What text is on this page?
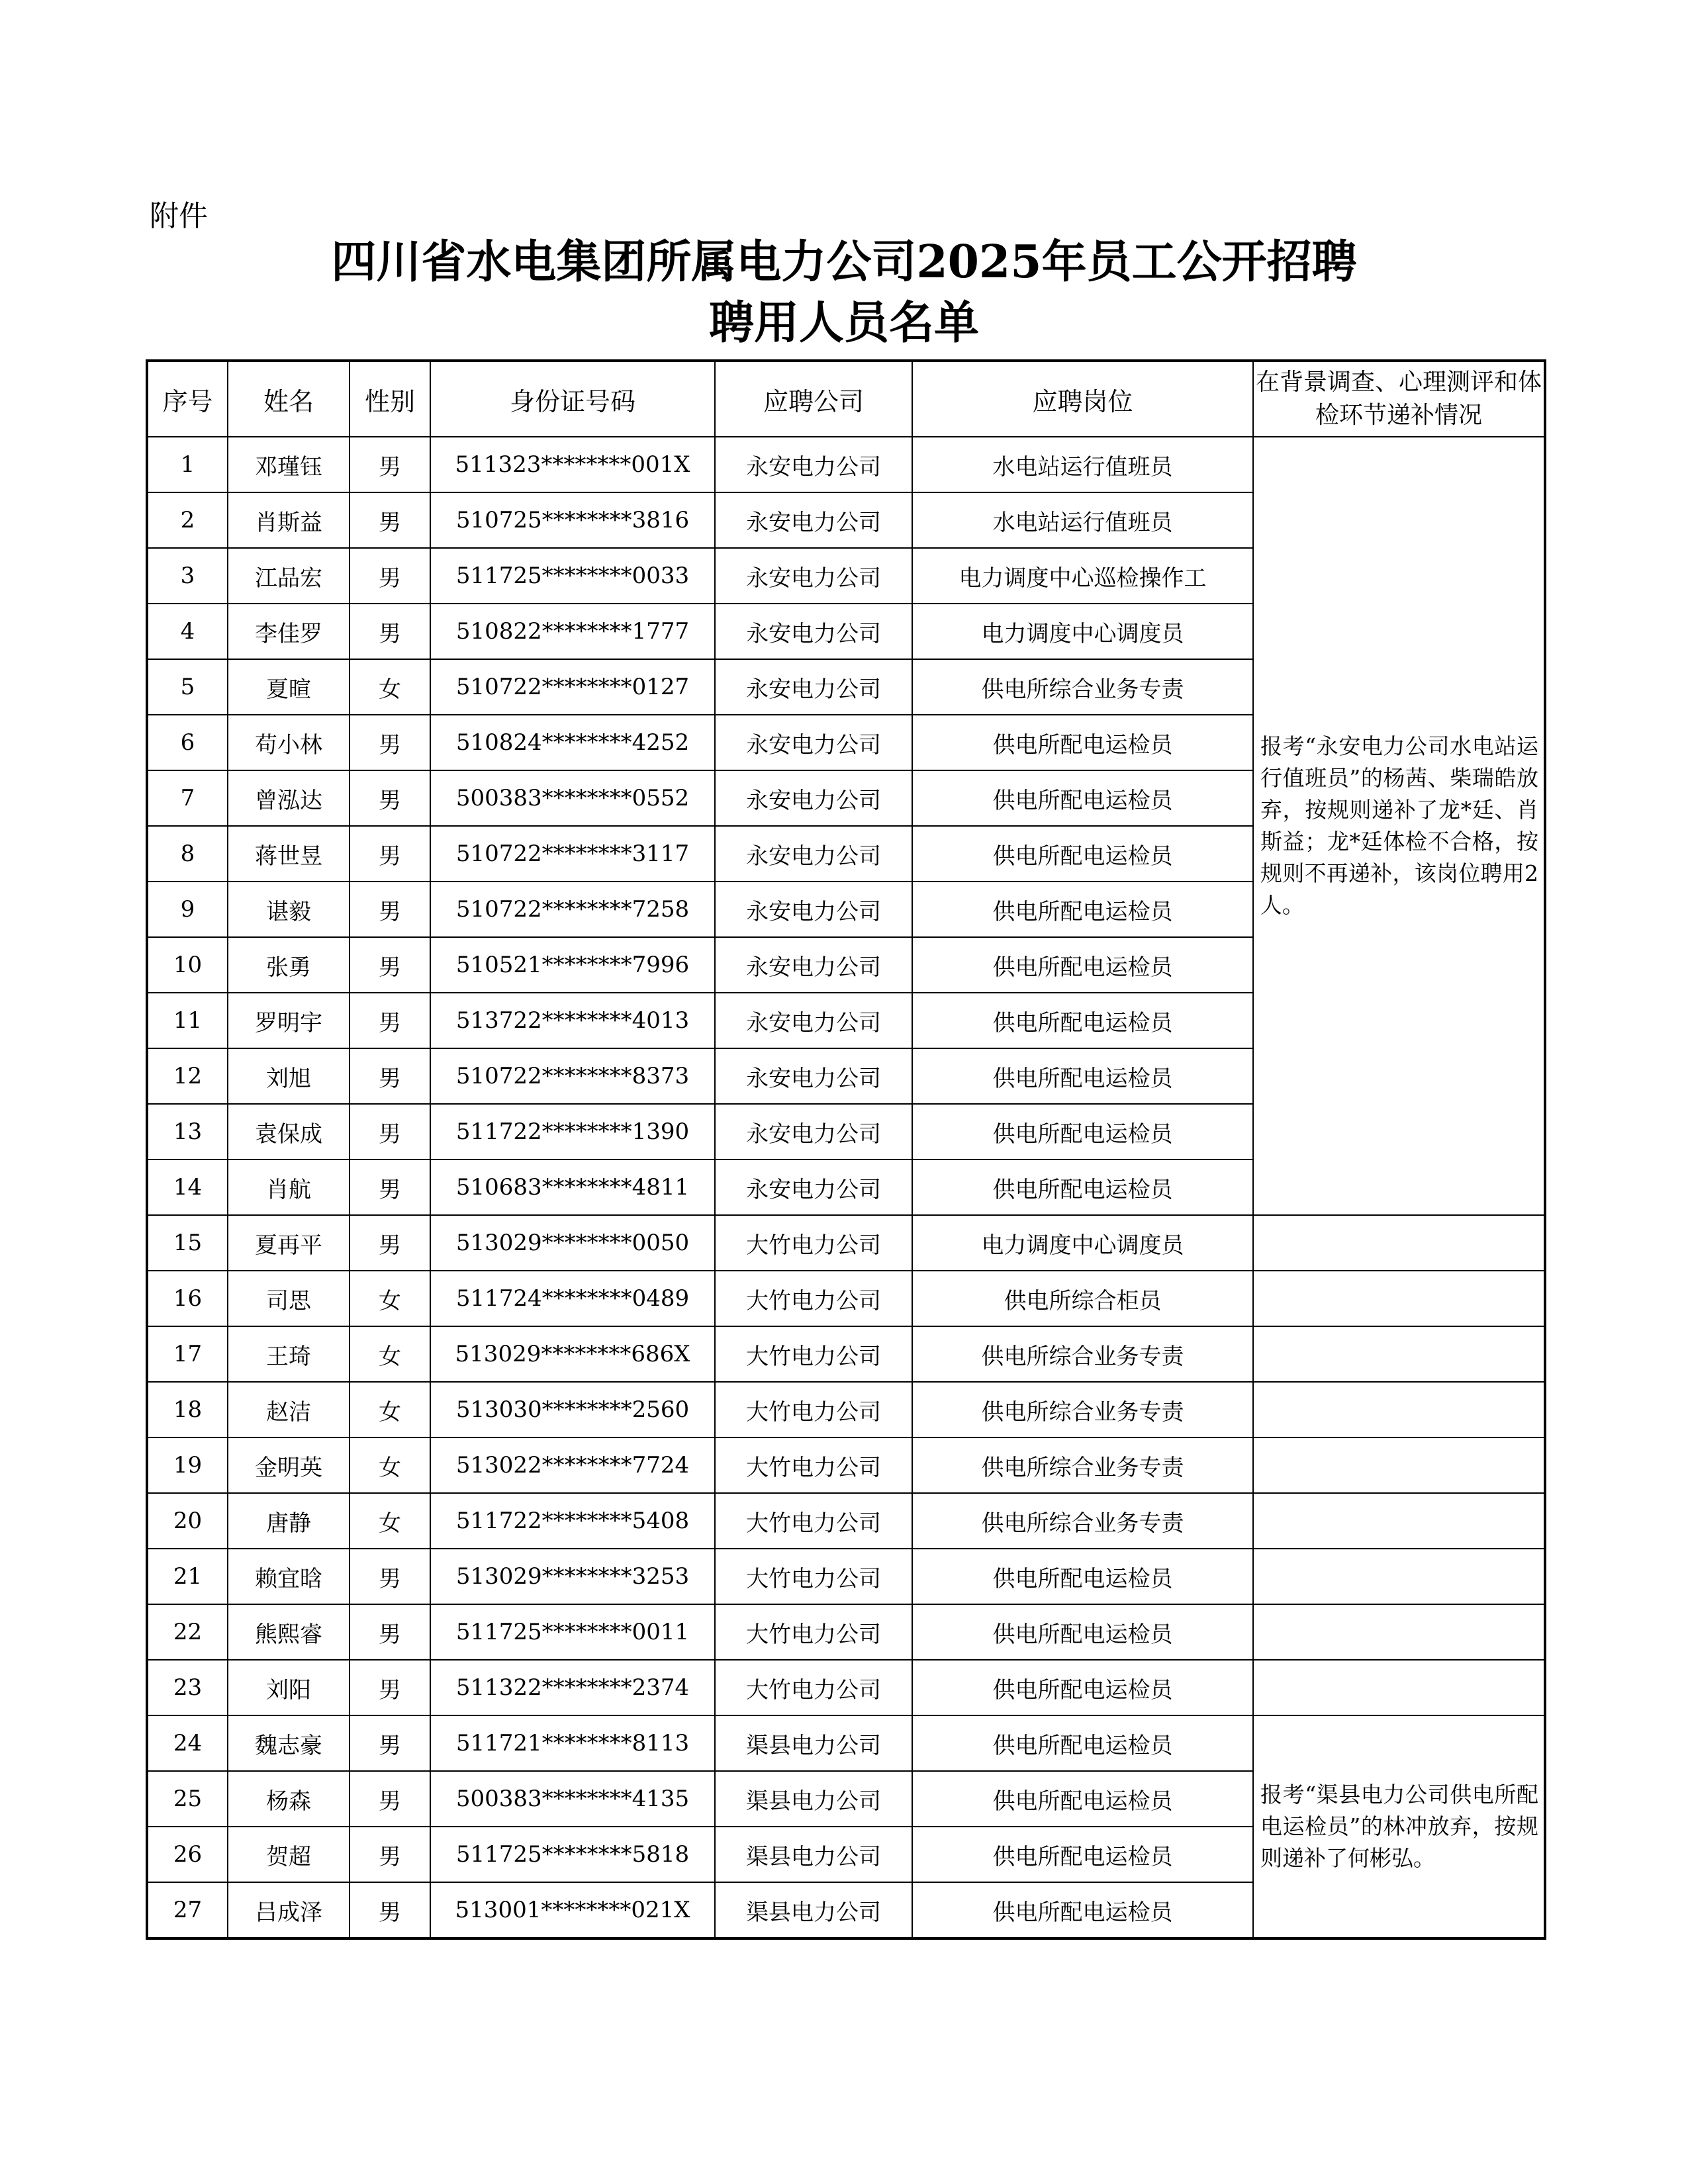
附件
四川省水电集团所属电力公司2025年员工公开招聘
聘用人员名单
序号	姓名	性别	身份证号码	应聘公司	应聘岗位	在背景调查、心理测评和体检环节递补情况
1	邓瑾钰	男	511323********001X	永安电力公司	水电站运行值班员	报考“永安电力公司水电站运行值班员”的杨茜、柴瑞皓放弃，按规则递补了龙*廷、肖斯益；龙*廷体检不合格，按规则不再递补，该岗位聘用2人。
2	肖斯益	男	510725********3816	永安电力公司	水电站运行值班员	
3	江品宏	男	511725********0033	永安电力公司	电力调度中心巡检操作工	
4	李佳罗	男	510822********1777	永安电力公司	电力调度中心调度员	
5	夏暄	女	510722********0127	永安电力公司	供电所综合业务专责	
6	苟小林	男	510824********4252	永安电力公司	供电所配电运检员	
7	曾泓达	男	500383********0552	永安电力公司	供电所配电运检员	
8	蒋世昱	男	510722********3117	永安电力公司	供电所配电运检员	
9	谌毅	男	510722********7258	永安电力公司	供电所配电运检员	
10	张勇	男	510521********7996	永安电力公司	供电所配电运检员	
11	罗明宇	男	513722********4013	永安电力公司	供电所配电运检员	
12	刘旭	男	510722********8373	永安电力公司	供电所配电运检员	
13	袁保成	男	511722********1390	永安电力公司	供电所配电运检员	
14	肖航	男	510683********4811	永安电力公司	供电所配电运检员	
15	夏再平	男	513029********0050	大竹电力公司	电力调度中心调度员	
16	司思	女	511724********0489	大竹电力公司	供电所综合柜员	
17	王琦	女	513029********686X	大竹电力公司	供电所综合业务专责	
18	赵洁	女	513030********2560	大竹电力公司	供电所综合业务专责	
19	金明英	女	513022********7724	大竹电力公司	供电所综合业务专责	
20	唐静	女	511722********5408	大竹电力公司	供电所综合业务专责	
21	赖宜晗	男	513029********3253	大竹电力公司	供电所配电运检员	
22	熊熙睿	男	511725********0011	大竹电力公司	供电所配电运检员	
23	刘阳	男	511322********2374	大竹电力公司	供电所配电运检员	
24	魏志豪	男	511721********8113	渠县电力公司	供电所配电运检员	报考“渠县电力公司供电所配电运检员”的林冲放弃，按规则递补了何彬弘。
25	杨森	男	500383********4135	渠县电力公司	供电所配电运检员	
26	贺超	男	511725********5818	渠县电力公司	供电所配电运检员	
27	吕成泽	男	513001********021X	渠县电力公司	供电所配电运检员	
